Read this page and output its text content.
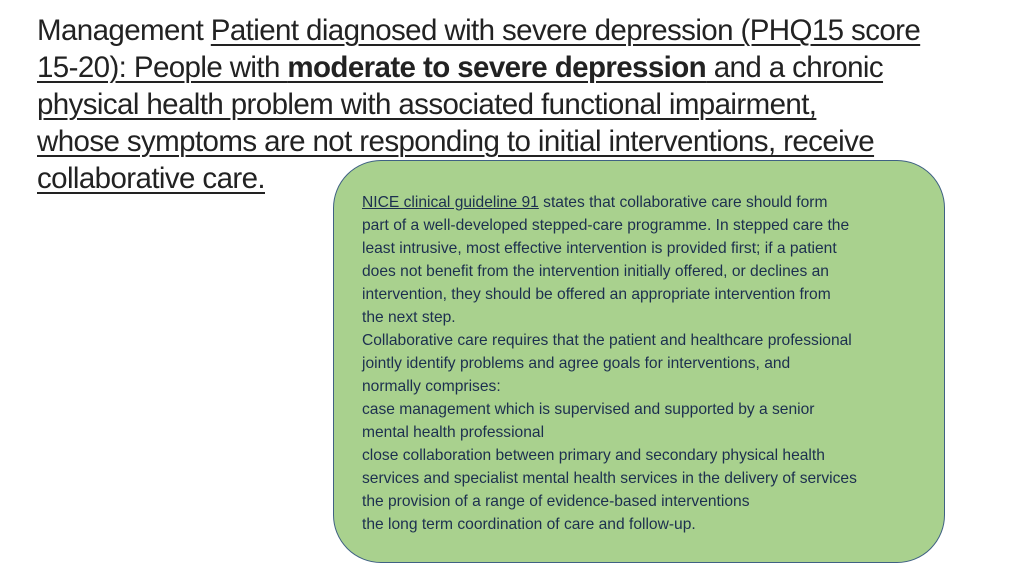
Management Patient diagnosed with severe depression (PHQ15 score
15-20): People with moderate to severe depression and a chronic
physical health problem with associated functional impairment,
whose symptoms are not responding to initial interventions, receive
collaborative care.
NICE clinical guideline 91 states that collaborative care should form
part of a well-developed stepped-care programme. In stepped care the
least intrusive, most effective intervention is provided first; if a patient
does not benefit from the intervention initially offered, or declines an
intervention, they should be offered an appropriate intervention from
the next step.
Collaborative care requires that the patient and healthcare professional
jointly identify problems and agree goals for interventions, and
normally comprises:
case management which is supervised and supported by a senior
mental health professional
close collaboration between primary and secondary physical health
services and specialist mental health services in the delivery of services
the provision of a range of evidence-based interventions
the long term coordination of care and follow-up.
